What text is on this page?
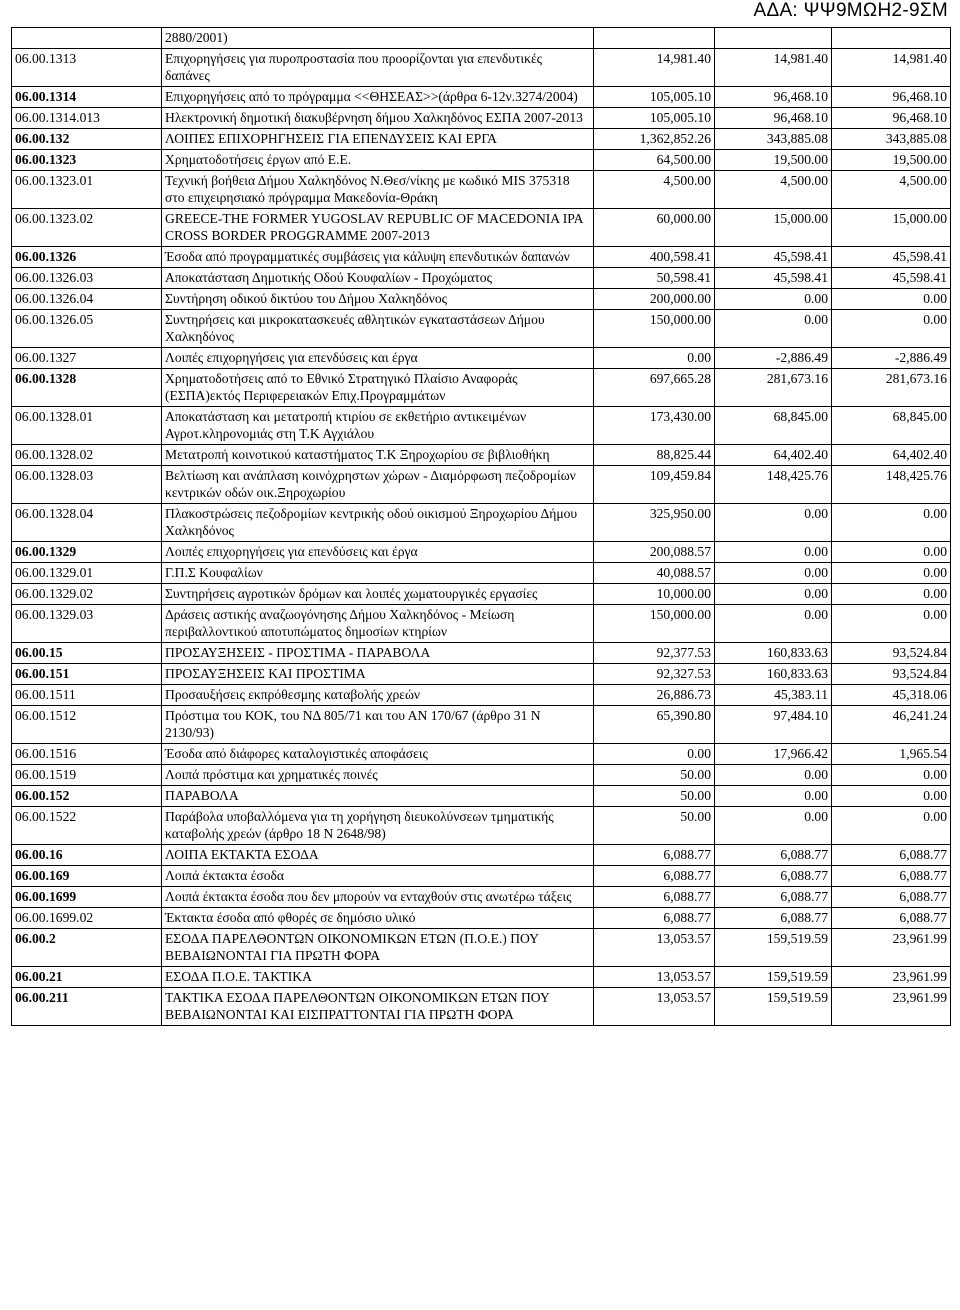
ΑΔΑ: ΨΨ9ΜΩΗ2-9ΣΜ
	2880/2001)			
06.00.1313	Επιχορηγήσεις για πυροπροστασία που προορίζονται για επενδυτικές δαπάνες	14,981.40	14,981.40	14,981.40
06.00.1314	Επιχορηγήσεις από το πρόγραμμα <<ΘΗΣΕΑΣ>>(άρθρα 6-12ν.3274/2004)	105,005.10	96,468.10	96,468.10
06.00.1314.013	Ηλεκτρονική δημοτική διακυβέρνηση δήμου Χαλκηδόνος ΕΣΠΑ 2007-2013	105,005.10	96,468.10	96,468.10
06.00.132	ΛΟΙΠΕΣ ΕΠΙΧΟΡΗΓΗΣΕΙΣ ΓΙΑ ΕΠΕΝΔΥΣΕΙΣ ΚΑΙ ΕΡΓΑ	1,362,852.26	343,885.08	343,885.08
06.00.1323	Χρηματοδοτήσεις έργων από Ε.Ε.	64,500.00	19,500.00	19,500.00
06.00.1323.01	Τεχνική βοήθεια Δήμου Χαλκηδόνος Ν.Θεσ/νίκης με κωδικό MIS 375318 στο επιχειρησιακό πρόγραμμα Μακεδονία-Θράκη	4,500.00	4,500.00	4,500.00
06.00.1323.02	GREECE-THE FORMER YUGOSLAV REPUBLIC OF MACEDONIA IPA CROSS BORDER PROGGRAMME 2007-2013	60,000.00	15,000.00	15,000.00
06.00.1326	Έσοδα από προγραμματικές συμβάσεις για κάλυψη επενδυτικών δαπανών	400,598.41	45,598.41	45,598.41
06.00.1326.03	Αποκατάσταση Δημοτικής Οδού Κουφαλίων - Προχώματος	50,598.41	45,598.41	45,598.41
06.00.1326.04	Συντήρηση οδικού δικτύου του Δήμου Χαλκηδόνος	200,000.00	0.00	0.00
06.00.1326.05	Συντηρήσεις και μικροκατασκευές αθλητικών εγκαταστάσεων Δήμου Χαλκηδόνος	150,000.00	0.00	0.00
06.00.1327	Λοιπές επιχορηγήσεις για επενδύσεις και έργα	0.00	-2,886.49	-2,886.49
06.00.1328	Χρηματοδοτήσεις από το Εθνικό Στρατηγικό Πλαίσιο Αναφοράς (ΕΣΠΑ)εκτός Περιφερειακών Επιχ.Προγραμμάτων	697,665.28	281,673.16	281,673.16
06.00.1328.01	Αποκατάσταση και μετατροπή κτιρίου σε εκθετήριο αντικειμένων Αγροτ.κληρονομιάς στη Τ.Κ Αγχιάλου	173,430.00	68,845.00	68,845.00
06.00.1328.02	Μετατροπή κοινοτικού καταστήματος Τ.Κ Ξηροχωρίου σε βιβλιοθήκη	88,825.44	64,402.40	64,402.40
06.00.1328.03	Βελτίωση και ανάπλαση κοινόχρηστων χώρων - Διαμόρφωση πεζοδρομίων κεντρικών οδών οικ.Ξηροχωρίου	109,459.84	148,425.76	148,425.76
06.00.1328.04	Πλακοστρώσεις πεζοδρομίων κεντρικής οδού οικισμού Ξηροχωρίου Δήμου Χαλκηδόνος	325,950.00	0.00	0.00
06.00.1329	Λοιπές επιχορηγήσεις για επενδύσεις και έργα	200,088.57	0.00	0.00
06.00.1329.01	Γ.Π.Σ Κουφαλίων	40,088.57	0.00	0.00
06.00.1329.02	Συντηρήσεις αγροτικών δρόμων και λοιπές χωματουργικές εργασίες	10,000.00	0.00	0.00
06.00.1329.03	Δράσεις αστικής αναζωογόνησης Δήμου Χαλκηδόνος - Μείωση περιβαλλοντικού αποτυπώματος δημοσίων κτηρίων	150,000.00	0.00	0.00
06.00.15	ΠΡΟΣΑΥΞΗΣΕΙΣ - ΠΡΟΣΤΙΜΑ - ΠΑΡΑΒΟΛΑ	92,377.53	160,833.63	93,524.84
06.00.151	ΠΡΟΣΑΥΞΗΣΕΙΣ ΚΑΙ ΠΡΟΣΤΙΜΑ	92,327.53	160,833.63	93,524.84
06.00.1511	Προσαυξήσεις εκπρόθεσμης καταβολής χρεών	26,886.73	45,383.11	45,318.06
06.00.1512	Πρόστιμα του ΚΟΚ, του ΝΔ 805/71 και του ΑΝ 170/67 (άρθρο 31 Ν 2130/93)	65,390.80	97,484.10	46,241.24
06.00.1516	Έσοδα από διάφορες καταλογιστικές αποφάσεις	0.00	17,966.42	1,965.54
06.00.1519	Λοιπά πρόστιμα και χρηματικές ποινές	50.00	0.00	0.00
06.00.152	ΠΑΡΑΒΟΛΑ	50.00	0.00	0.00
06.00.1522	Παράβολα υποβαλλόμενα για τη χορήγηση διευκολύνσεων τμηματικής καταβολής χρεών (άρθρο 18 Ν 2648/98)	50.00	0.00	0.00
06.00.16	ΛΟΙΠΑ ΕΚΤΑΚΤΑ ΕΣΟΔΑ	6,088.77	6,088.77	6,088.77
06.00.169	Λοιπά έκτακτα έσοδα	6,088.77	6,088.77	6,088.77
06.00.1699	Λοιπά έκτακτα έσοδα που δεν μπορούν να ενταχθούν στις ανωτέρω τάξεις	6,088.77	6,088.77	6,088.77
06.00.1699.02	Έκτακτα έσοδα από φθορές σε δημόσιο υλικό	6,088.77	6,088.77	6,088.77
06.00.2	ΕΣΟΔΑ ΠΑΡΕΛΘΟΝΤΩΝ ΟΙΚΟΝΟΜΙΚΩΝ ΕΤΩΝ (Π.Ο.Ε.) ΠΟΥ ΒΕΒΑΙΩΝΟΝΤΑΙ ΓΙΑ ΠΡΩΤΗ ΦΟΡΑ	13,053.57	159,519.59	23,961.99
06.00.21	ΕΣΟΔΑ Π.Ο.Ε. ΤΑΚΤΙΚΑ	13,053.57	159,519.59	23,961.99
06.00.211	ΤΑΚΤΙΚΑ ΕΣΟΔΑ ΠΑΡΕΛΘΟΝΤΩΝ ΟΙΚΟΝΟΜΙΚΩΝ ΕΤΩΝ ΠΟΥ ΒΕΒΑΙΩΝΟΝΤΑΙ ΚΑΙ ΕΙΣΠΡΑΤΤΟΝΤΑΙ ΓΙΑ ΠΡΩΤΗ ΦΟΡΑ	13,053.57	159,519.59	23,961.99
